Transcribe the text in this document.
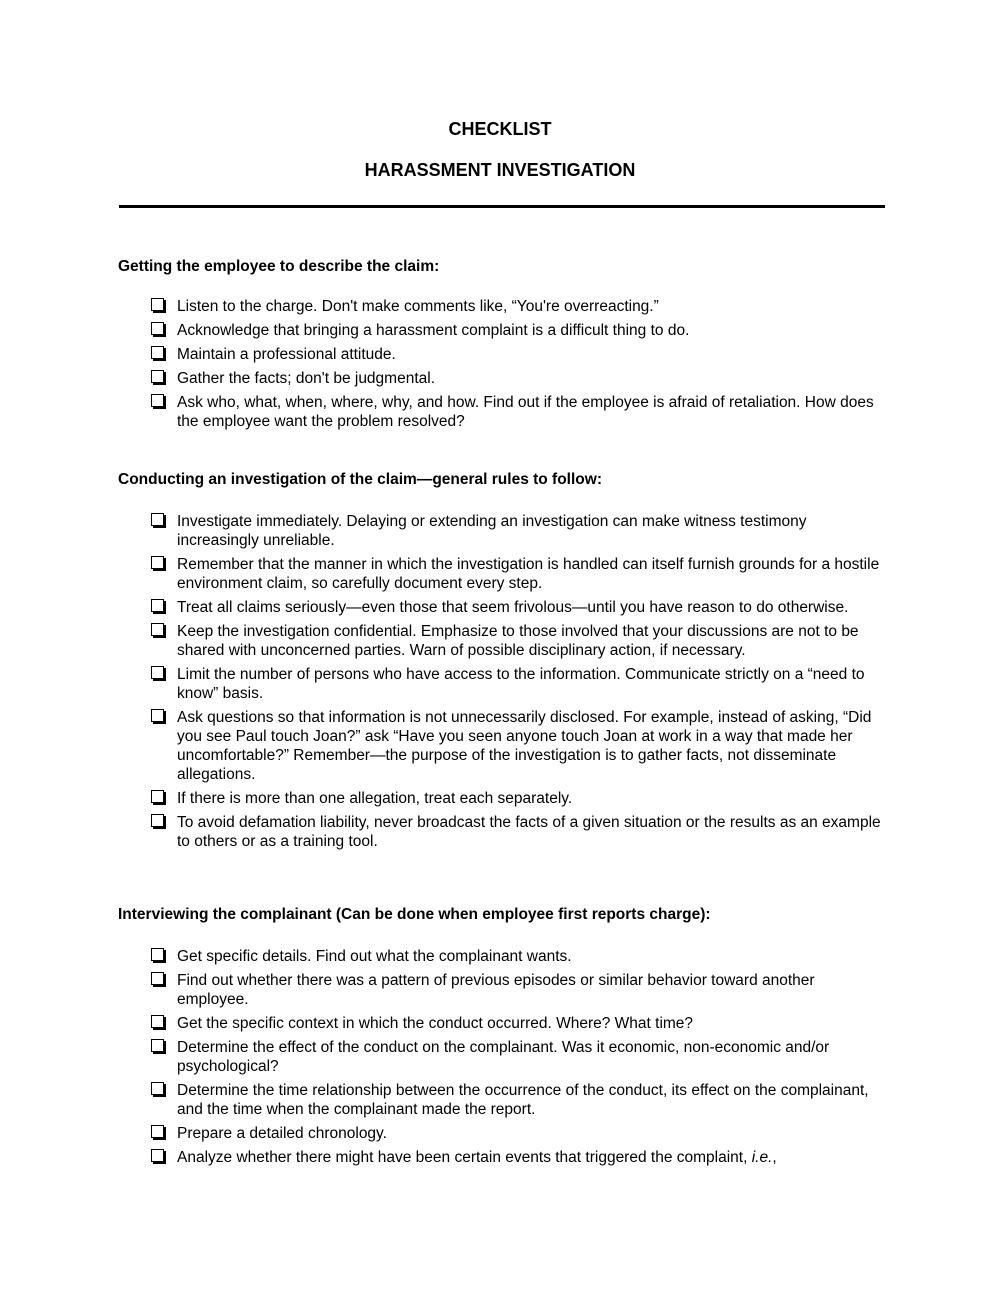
CHECKLIST
HARASSMENT INVESTIGATION
Getting the employee to describe the claim:
Listen to the charge. Don't make comments like, “You're overreacting.”
Acknowledge that bringing a harassment complaint is a difficult thing to do.
Maintain a professional attitude.
Gather the facts; don't be judgmental.
Ask who, what, when, where, why, and how. Find out if the employee is afraid of retaliation. How does the employee want the problem resolved?
Conducting an investigation of the claim—general rules to follow:
Investigate immediately. Delaying or extending an investigation can make witness testimony increasingly unreliable.
Remember that the manner in which the investigation is handled can itself furnish grounds for a hostile environment claim, so carefully document every step.
Treat all claims seriously—even those that seem frivolous—until you have reason to do otherwise.
Keep the investigation confidential. Emphasize to those involved that your discussions are not to be shared with unconcerned parties. Warn of possible disciplinary action, if necessary.
Limit the number of persons who have access to the information. Communicate strictly on a “need to know” basis.
Ask questions so that information is not unnecessarily disclosed. For example, instead of asking, “Did you see Paul touch Joan?” ask “Have you seen anyone touch Joan at work in a way that made her uncomfortable?” Remember—the purpose of the investigation is to gather facts, not disseminate allegations.
If there is more than one allegation, treat each separately.
To avoid defamation liability, never broadcast the facts of a given situation or the results as an example to others or as a training tool.
Interviewing the complainant (Can be done when employee first reports charge):
Get specific details. Find out what the complainant wants.
Find out whether there was a pattern of previous episodes or similar behavior toward another employee.
Get the specific context in which the conduct occurred. Where? What time?
Determine the effect of the conduct on the complainant. Was it economic, non-economic and/or psychological?
Determine the time relationship between the occurrence of the conduct, its effect on the complainant, and the time when the complainant made the report.
Prepare a detailed chronology.
Analyze whether there might have been certain events that triggered the complaint, i.e.,
